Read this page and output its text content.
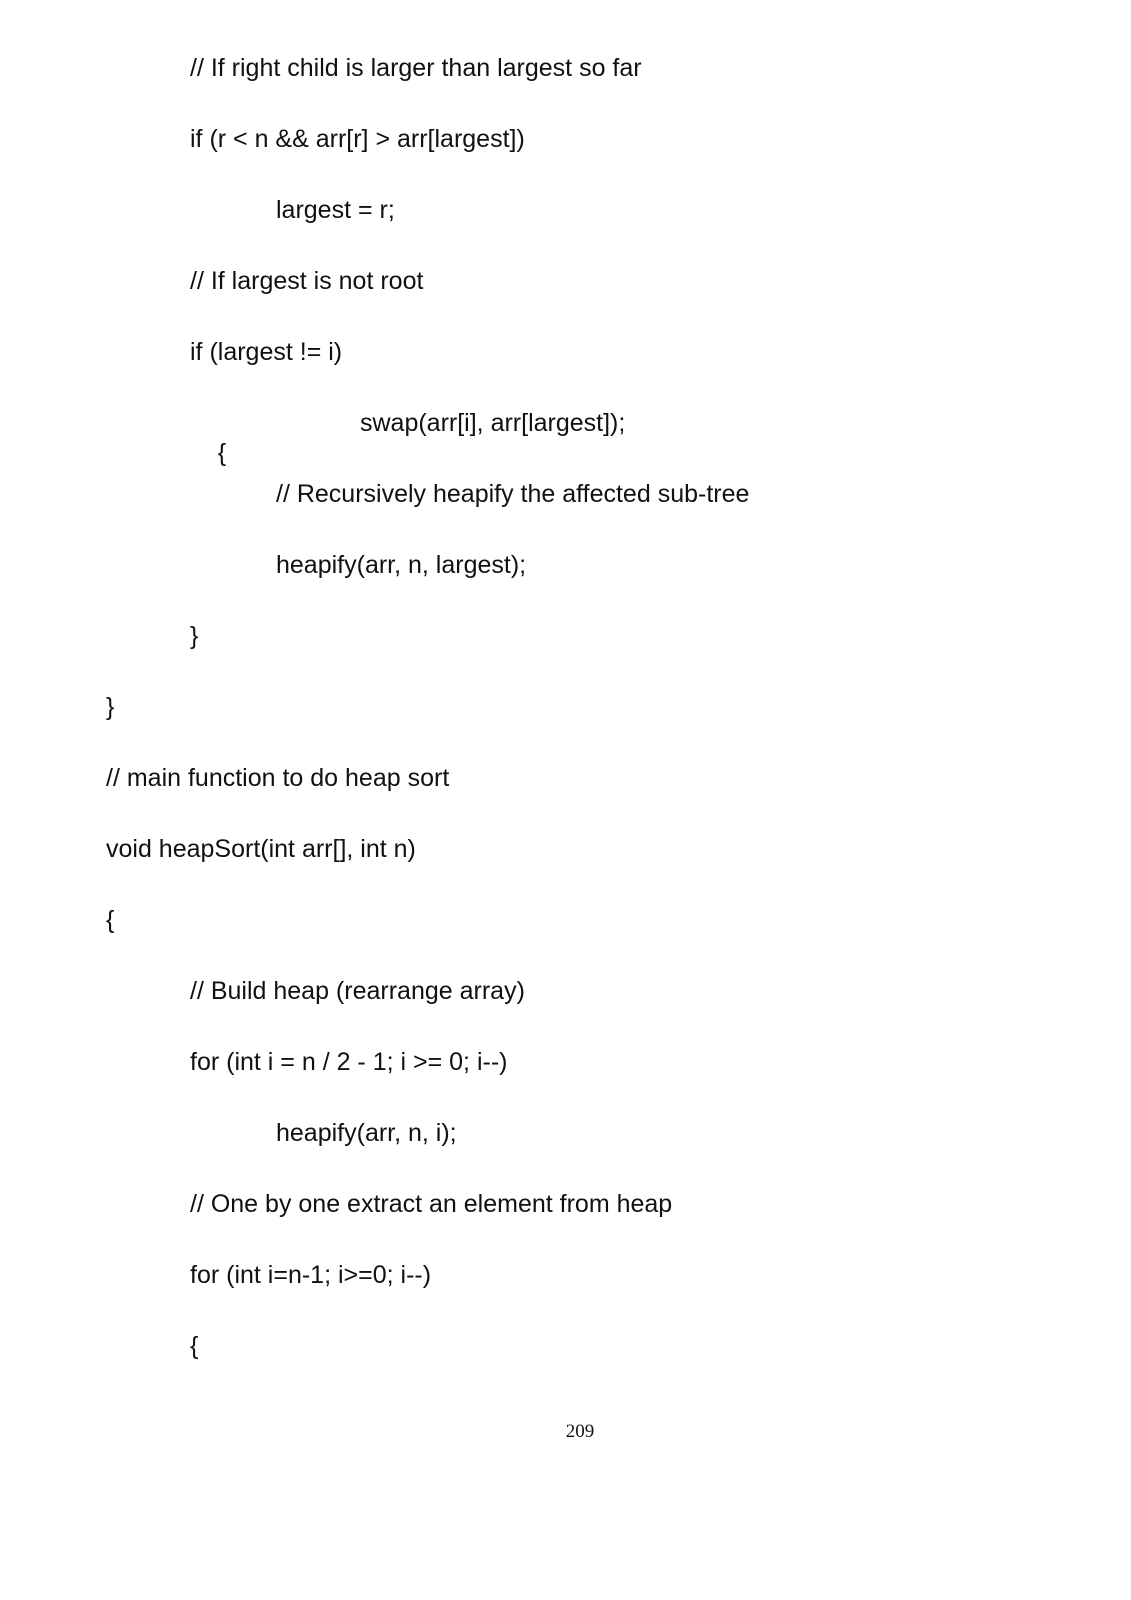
// If right child is larger than largest so far
if (r < n && arr[r] > arr[largest])
largest = r;
// If largest is not root
if (largest != i)

{

swap(arr[i], arr[largest]);

// Recursively heapify the affected sub-tree
heapify(arr, n, largest);
}
}
// main function to do heap sort
void heapSort(int arr[], int n)
{
// Build heap (rearrange array)
for (int i = n / 2 - 1; i >= 0; i--)
heapify(arr, n, i);
// One by one extract an element from heap
for (int i=n-1; i>=0; i--)
{
209
